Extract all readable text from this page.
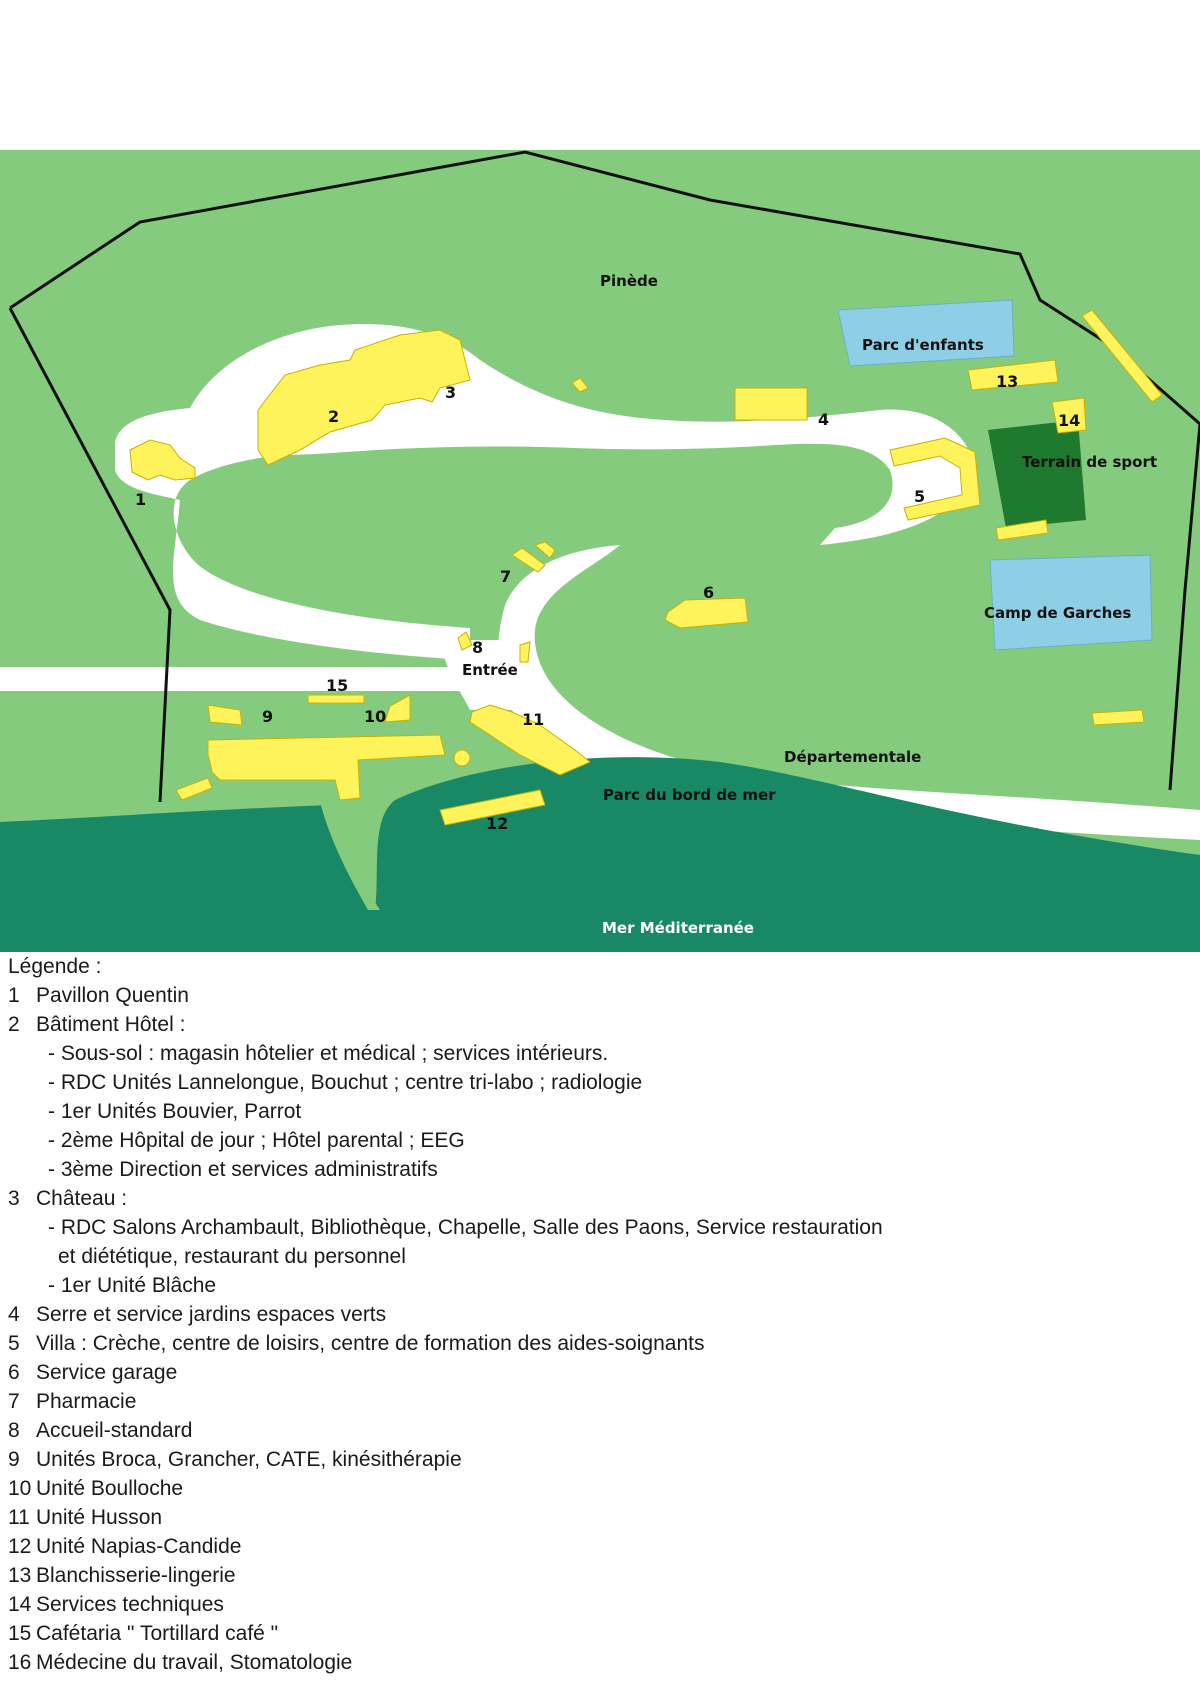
Pinède
Parc d'enfants
Terrain de sport
Camp de Garches
Entrée
Départementale
Parc du bord de mer
Mer Méditerranée
1
2
3
4
5
6
7
8
9	10	11
12
13
14
15
Légende :
1 Pavillon Quentin
2 Bâtiment Hôtel :
- Sous-sol : magasin hôtelier et médical ; services intérieurs.
- RDC Unités Lannelongue, Bouchut ; centre tri-labo ; radiologie
- 1er Unités Bouvier, Parrot
- 2ème Hôpital de jour ; Hôtel parental ; EEG
- 3ème Direction et services administratifs
3 Château :
- RDC Salons Archambault, Bibliothèque, Chapelle, Salle des Paons, Service restauration
et diététique, restaurant du personnel
- 1er Unité Blâche
4 Serre et service jardins espaces verts
5 Villa : Crèche, centre de loisirs, centre de formation des aides-soignants
6 Service garage
7 Pharmacie
8 Accueil-standard
9 Unités Broca, Grancher, CATE, kinésithérapie
10 Unité Boulloche
11 Unité Husson
12 Unité Napias-Candide
13 Blanchisserie-lingerie
14 Services techniques
15 Cafétaria " Tortillard café "
16 Médecine du travail, Stomatologie
